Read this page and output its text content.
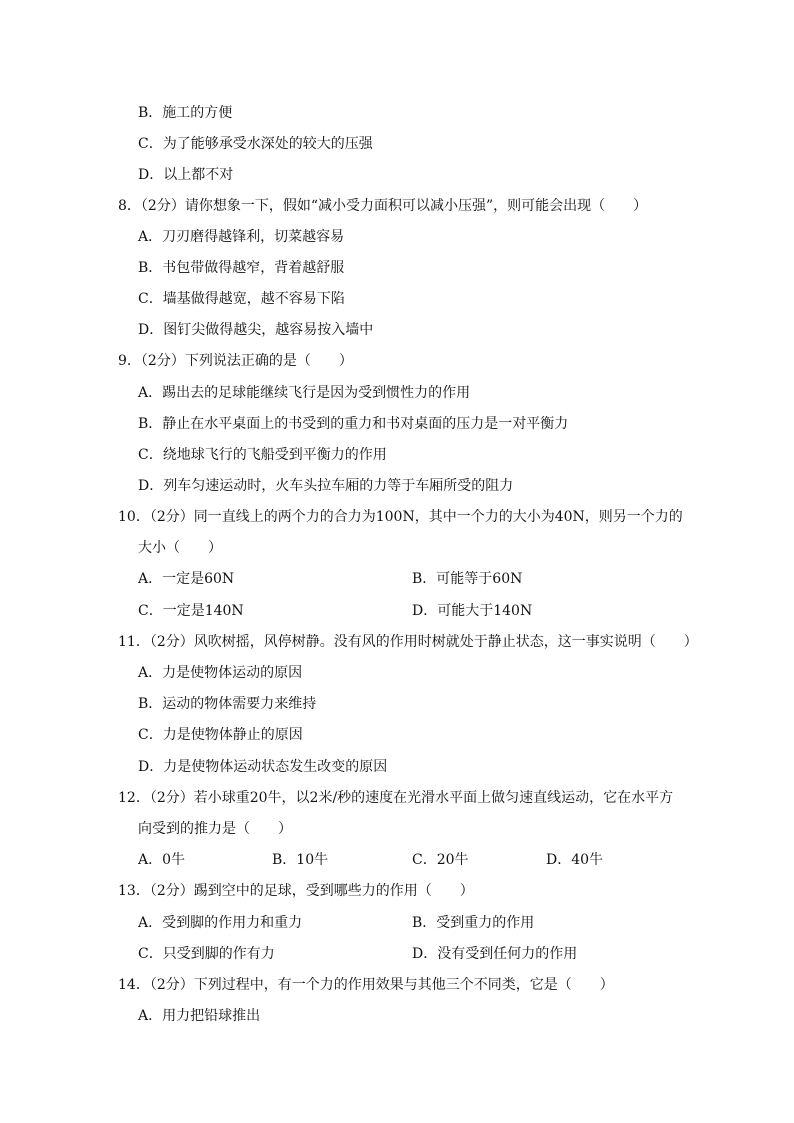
B．施工的方便
C．为了能够承受水深处的较大的压强
D．以上都不对
8．（2分）请你想象一下，假如“减小受力面积可以减小压强”，则可能会出现（　　）
A．刀刃磨得越锋利，切菜越容易
B．书包带做得越窄，背着越舒服
C．墙基做得越宽，越不容易下陷
D．图钉尖做得越尖，越容易按入墙中
9．（2分）下列说法正确的是（　　）
A．踢出去的足球能继续飞行是因为受到惯性力的作用
B．静止在水平桌面上的书受到的重力和书对桌面的压力是一对平衡力
C．绕地球飞行的飞船受到平衡力的作用
D．列车匀速运动时，火车头拉车厢的力等于车厢所受的阻力
10．（2分）同一直线上的两个力的合力为100N，其中一个力的大小为40N，则另一个力的
大小（　　）
A．一定是60N	B．可能等于60N
C．一定是140N	D．可能大于140N
11．（2分）风吹树摇，风停树静。没有风的作用时树就处于静止状态，这一事实说明（　　）
A．力是使物体运动的原因
B．运动的物体需要力来维持
C．力是使物体静止的原因
D．力是使物体运动状态发生改变的原因
12．（2分）若小球重20牛，以2米/秒的速度在光滑水平面上做匀速直线运动，它在水平方
向受到的推力是（　　）
A．0牛	B．10牛	C．20牛	D．40牛
13．（2分）踢到空中的足球，受到哪些力的作用（　　）
A．受到脚的作用力和重力	B．受到重力的作用
C．只受到脚的作有力	D．没有受到任何力的作用
14．（2分）下列过程中，有一个力的作用效果与其他三个不同类，它是（　　）
A．用力把铅球推出
